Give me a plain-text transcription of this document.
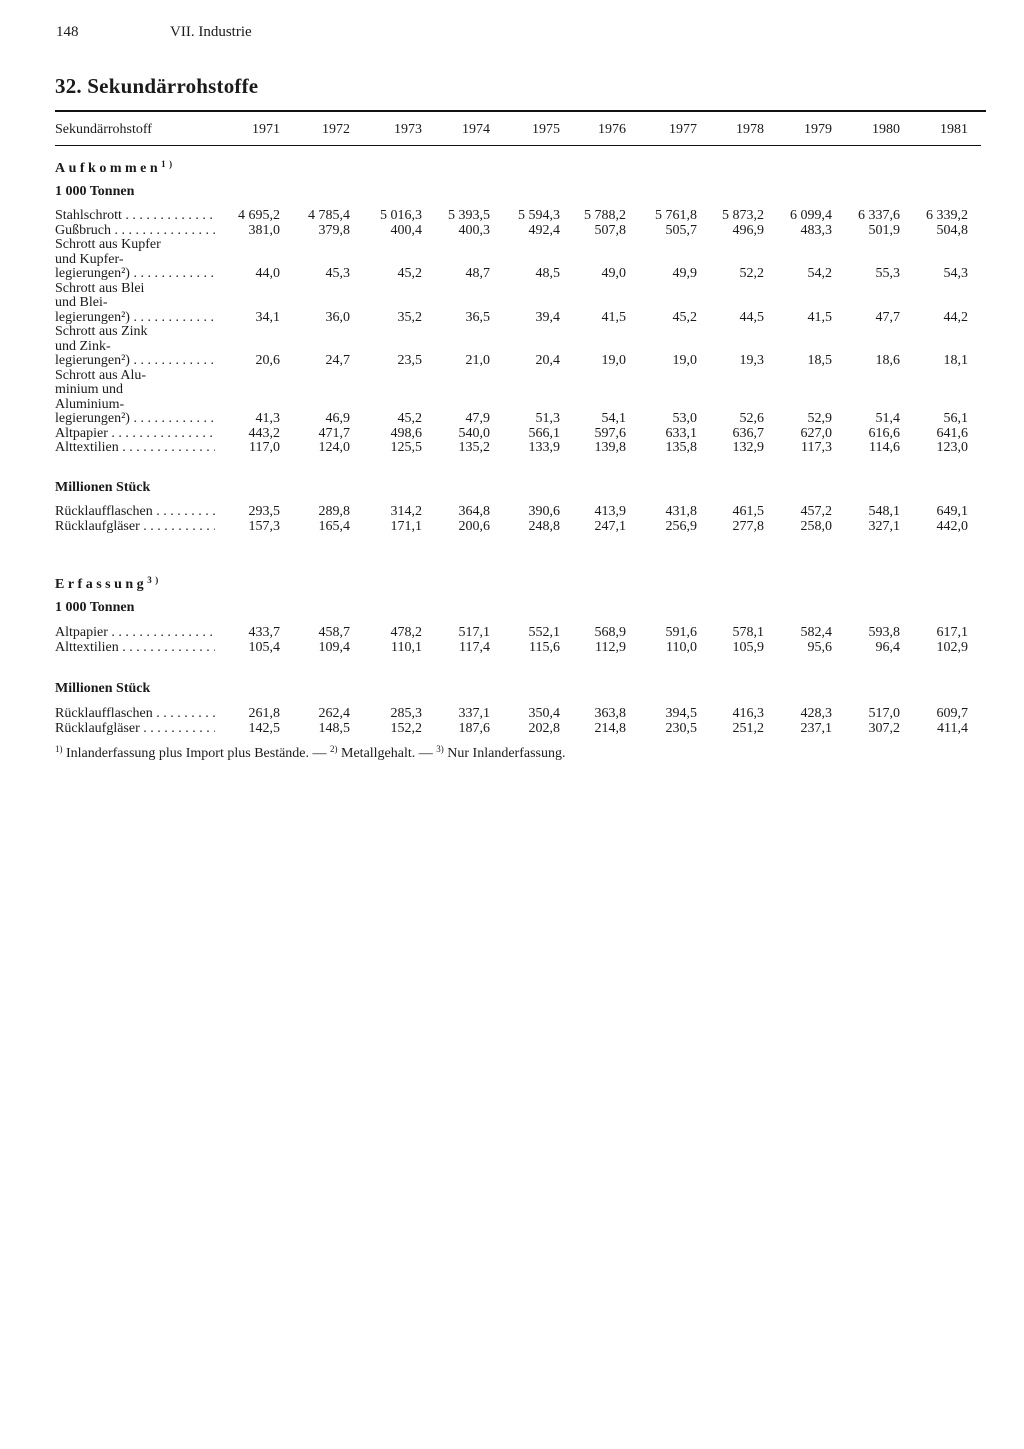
148	VII. Industrie
32. Sekundärrohstoffe
Sekundärrohstoff	1971	1972	1973	1974	1975	1976	1977	1978	1979	1980	1981
Aufkommen$^{1)}$
1 000 Tonnen
Stahlschrott . . .	4 695,2	4 785,4	5 016,3	5 393,5	5 594,3	5 788,2	5 761,8	5 873,2	6 099,4	6 337,6	6 339,2
Gußbruch . . .	381,0	379,8	400,4	400,3	492,4	507,8	505,7	496,9	483,3	501,9	504,8
Schrott aus Kupfer
und Kupfer-
legierungen²) . . .	44,0	45,3	45,2	48,7	48,5	49,0	49,9	52,2	54,2	55,3	54,3
Schrott aus Blei
und Blei-
legierungen²) . . .	34,1	36,0	35,2	36,5	39,4	41,5	45,2	44,5	41,5	47,7	44,2
Schrott aus Zink
und Zink-
legierungen²) . . .	20,6	24,7	23,5	21,0	20,4	19,0	19,0	19,3	18,5	18,6	18,1
Schrott aus Alu-
minium und
Aluminium-
legierungen²) . . .	41,3	46,9	45,2	47,9	51,3	54,1	53,0	52,6	52,9	51,4	56,1
Altpapier . . .	443,2	471,7	498,6	540,0	566,1	597,6	633,1	636,7	627,0	616,6	641,6
Alttextilien . . .	117,0	124,0	125,5	135,2	133,9	139,8	135,8	132,9	117,3	114,6	123,0
Millionen Stück
Rücklaufflaschen . . .	293,5	289,8	314,2	364,8	390,6	413,9	431,8	461,5	457,2	548,1	649,1
Rücklaufgläser . . .	157,3	165,4	171,1	200,6	248,8	247,1	256,9	277,8	258,0	327,1	442,0
Erfassung$^{3)}$
1 000 Tonnen
Altpapier . . .	433,7	458,7	478,2	517,1	552,1	568,9	591,6	578,1	582,4	593,8	617,1
Alttextilien . . .	105,4	109,4	110,1	117,4	115,6	112,9	110,0	105,9	95,6	96,4	102,9
Millionen Stück
Rücklaufflaschen . . .	261,8	262,4	285,3	337,1	350,4	363,8	394,5	416,3	428,3	517,0	609,7
Rücklaufgläser . . .	142,5	148,5	152,2	187,6	202,8	214,8	230,5	251,2	237,1	307,2	411,4
$^{1)}$ Inlanderfassung plus Import plus Bestände. — $^{2)}$ Metallgehalt. — $^{3)}$ Nur Inlanderfassung.
